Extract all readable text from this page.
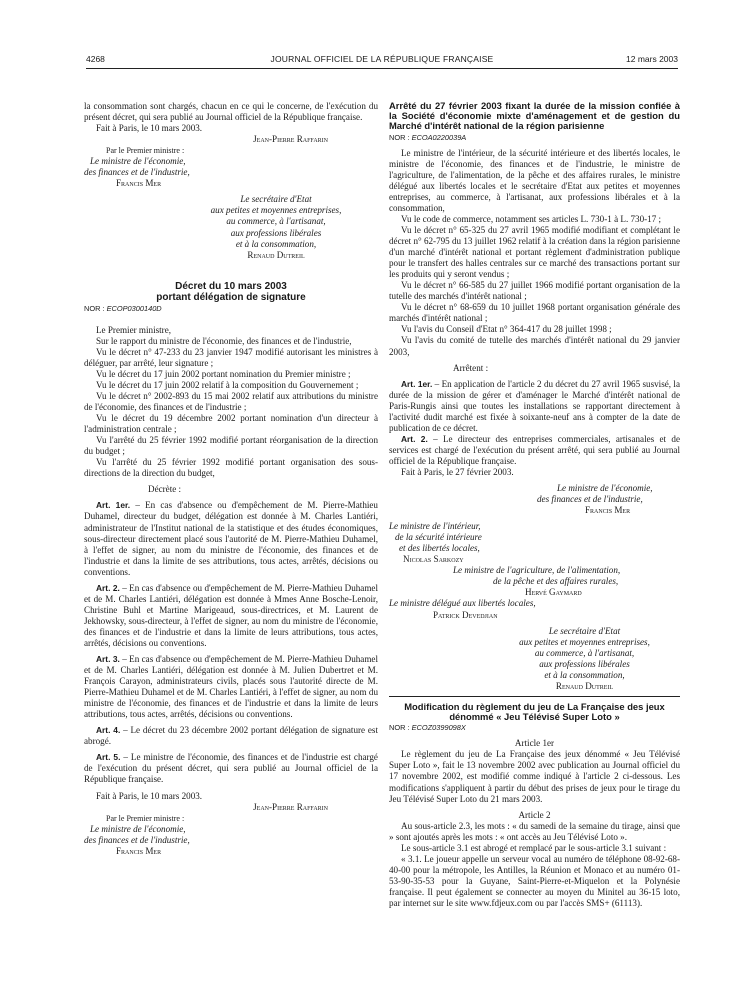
4268	JOURNAL OFFICIEL DE LA RÉPUBLIQUE FRANÇAISE	12 mars 2003

la consommation sont chargés, chacun en ce qui le concerne, de l'exécution du présent décret, qui sera publié au Journal officiel de la République française.

Fait à Paris, le 10 mars 2003.

Jean-Pierre Raffarin

Par le Premier ministre :

Le ministre de l'économie,

des finances et de l'industrie,

Francis Mer

Le secrétaire d'Etat

aux petites et moyennes entreprises,

au commerce, à l'artisanat,

aux professions libérales

et à la consommation,

Renaud Dutreil

Décret du 10 mars 2003

portant délégation de signature

NOR : ECOP0300140D

Le Premier ministre,

Sur le rapport du ministre de l'économie, des finances et de l'industrie,

Vu le décret n° 47-233 du 23 janvier 1947 modifié autorisant les ministres à déléguer, par arrêté, leur signature ;

Vu le décret du 17 juin 2002 portant nomination du Premier ministre ;

Vu le décret du 17 juin 2002 relatif à la composition du Gouvernement ;

Vu le décret n° 2002-893 du 15 mai 2002 relatif aux attributions du ministre de l'économie, des finances et de l'industrie ;

Vu le décret du 19 décembre 2002 portant nomination d'un directeur à l'administration centrale ;

Vu l'arrêté du 25 février 1992 modifié portant réorganisation de la direction du budget ;

Vu l'arrêté du 25 février 1992 modifié portant organisation des sous-directions de la direction du budget,

Décrète :

Art. 1er. – En cas d'absence ou d'empêchement de M. Pierre-Mathieu Duhamel, directeur du budget, délégation est donnée à M. Charles Lantiéri, administrateur de l'Institut national de la statistique et des études économiques, sous-directeur directement placé sous l'autorité de M. Pierre-Mathieu Duhamel, à l'effet de signer, au nom du ministre de l'économie, des finances et de l'industrie et dans la limite de ses attributions, tous actes, arrêtés, décisions ou conventions.

Art. 2. – En cas d'absence ou d'empêchement de M. Pierre-Mathieu Duhamel et de M. Charles Lantiéri, délégation est donnée à Mmes Anne Bosche-Lenoir, Christine Buhl et Martine Marigeaud, sous-directrices, et M. Laurent de Jekhowsky, sous-directeur, à l'effet de signer, au nom du ministre de l'économie, des finances et de l'industrie et dans la limite de leurs attributions, tous actes, arrêtés, décisions ou conventions.

Art. 3. – En cas d'absence ou d'empêchement de M. Pierre-Mathieu Duhamel et de M. Charles Lantiéri, délégation est donnée à M. Julien Dubertret et M. François Carayon, administrateurs civils, placés sous l'autorité directe de M. Pierre-Mathieu Duhamel et de M. Charles Lantiéri, à l'effet de signer, au nom du ministre de l'économie, des finances et de l'industrie et dans la limite de leurs attributions, tous actes, arrêtés, décisions ou conventions.

Art. 4. – Le décret du 23 décembre 2002 portant délégation de signature est abrogé.

Art. 5. – Le ministre de l'économie, des finances et de l'industrie est chargé de l'exécution du présent décret, qui sera publié au Journal officiel de la République française.

Fait à Paris, le 10 mars 2003.

Jean-Pierre Raffarin

Par le Premier ministre :

Le ministre de l'économie,

des finances et de l'industrie,

Francis Mer

Arrêté du 27 février 2003 fixant la durée de la mission confiée à la Société d'économie mixte d'aménagement et de gestion du Marché d'intérêt national de la région parisienne

NOR : ECOA0220039A

Le ministre de l'intérieur, de la sécurité intérieure et des libertés locales, le ministre de l'économie, des finances et de l'industrie, le ministre de l'agriculture, de l'alimentation, de la pêche et des affaires rurales, le ministre délégué aux libertés locales et le secrétaire d'Etat aux petites et moyennes entreprises, au commerce, à l'artisanat, aux professions libérales et à la consommation,

Vu le code de commerce, notamment ses articles L. 730-1 à L. 730-17 ;

Vu le décret n° 65-325 du 27 avril 1965 modifié modifiant et complétant le décret n° 62-795 du 13 juillet 1962 relatif à la création dans la région parisienne d'un marché d'intérêt national et portant règlement d'administration publique pour le transfert des halles centrales sur ce marché des transactions portant sur les produits qui y seront vendus ;

Vu le décret n° 66-585 du 27 juillet 1966 modifié portant organisation de la tutelle des marchés d'intérêt national ;

Vu le décret n° 68-659 du 10 juillet 1968 portant organisation générale des marchés d'intérêt national ;

Vu l'avis du Conseil d'Etat n° 364-417 du 28 juillet 1998 ;

Vu l'avis du comité de tutelle des marchés d'intérêt national du 29 janvier 2003,

Arrêtent :

Art. 1er. – En application de l'article 2 du décret du 27 avril 1965 susvisé, la durée de la mission de gérer et d'aménager le Marché d'intérêt national de Paris-Rungis ainsi que toutes les installations se rapportant directement à l'activité dudit marché est fixée à soixante-neuf ans à compter de la date de publication de ce décret.

Art. 2. – Le directeur des entreprises commerciales, artisanales et de services est chargé de l'exécution du présent arrêté, qui sera publié au Journal officiel de la République française.

Fait à Paris, le 27 février 2003.

Le ministre de l'économie,

des finances et de l'industrie,

Francis Mer

Le ministre de l'intérieur,

de la sécurité intérieure

et des libertés locales,

Nicolas Sarkozy

Le ministre de l'agriculture, de l'alimentation,

de la pêche et des affaires rurales,

Hervé Gaymard

Le ministre délégué aux libertés locales,

Patrick Devedjian

Le secrétaire d'Etat

aux petites et moyennes entreprises,

au commerce, à l'artisanat,

aux professions libérales

et à la consommation,

Renaud Dutreil

Modification du règlement du jeu de La Française des jeux

dénommé « Jeu Télévisé Super Loto »

NOR : ECOZ0399098X

Article 1er

Le règlement du jeu de La Française des jeux dénommé « Jeu Télévisé Super Loto », fait le 13 novembre 2002 avec publication au Journal officiel du 17 novembre 2002, est modifié comme indiqué à l'article 2 ci-dessous. Les modifications s'appliquent à partir du début des prises de jeux pour le tirage du Jeu Télévisé Super Loto du 21 mars 2003.

Article 2

Au sous-article 2.3, les mots : « du samedi de la semaine du tirage, ainsi que » sont ajoutés après les mots : « ont accès au Jeu Télévisé Loto ».

Le sous-article 3.1 est abrogé et remplacé par le sous-article 3.1 suivant :

« 3.1. Le joueur appelle un serveur vocal au numéro de téléphone 08-92-68-40-00 pour la métropole, les Antilles, la Réunion et Monaco et au numéro 01-53-90-35-53 pour la Guyane, Saint-Pierre-et-Miquelon et la Polynésie française. Il peut également se connecter au moyen du Minitel au 36-15 loto, par internet sur le site www.fdjeux.com ou par l'accès SMS+ (61113).
